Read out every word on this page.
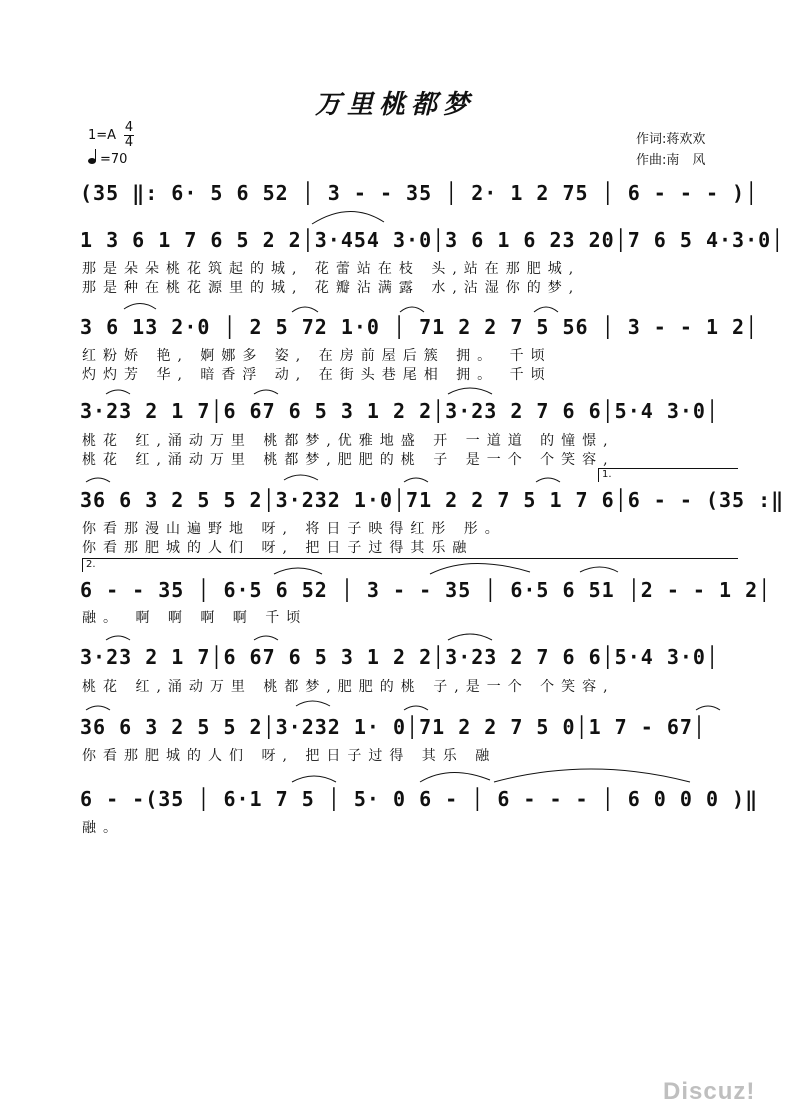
万里桃都梦
$1=A \frac{4}{4}$
=70
作词:蒋欢欢
作曲:南　风
(35 ‖: 6· 5 6 52 │ 3 - - 35 │ 2· 1 2 75 │ 6 - - - )│
1 3 6 1 7 6 5 2 2│3·454 3·0│3 6 1 6 23 20│7 6 5 4·3·0│
那是朵朵桃花筑起的城, 花蕾站在枝 头,站在那肥城,
那是种在桃花源里的城, 花瓣沾满露 水,沾湿你的梦,
3 6 13 2·0 │ 2 5 72 1·0 │ 71 2 2 7 5 56 │ 3 - - 1 2│
红粉娇 艳, 婀娜多 姿, 在房前屋后簇 拥。 千顷
灼灼芳 华, 暗香浮 动, 在街头巷尾相 拥。 千顷
3·23 2 1 7│6 67 6 5 3 1 2 2│3·23 2 7 6 6│5·4 3·0│
桃花 红,涌动万里 桃都梦,优雅地盛 开 一道道 的憧憬,
桃花 红,涌动万里 桃都梦,肥肥的桃 子 是一个 个笑容,
1.
36 6 3 2 5 5 2│3·232 1·0│71 2 2 7 5 1 7 6│6 - - (35 :‖
你看那漫山遍野地 呀, 将日子映得红彤 彤。
你看那肥城的人们 呀, 把日子过得其乐融
2.
6 - - 35 │ 6·5 6 52 │ 3 - - 35 │ 6·5 6 51 │2 - - 1 2│
融。 啊 啊 啊 啊 千顷
3·23 2 1 7│6 67 6 5 3 1 2 2│3·23 2 7 6 6│5·4 3·0│
桃花 红,涌动万里 桃都梦,肥肥的桃 子,是一个 个笑容,
36 6 3 2 5 5 2│3·232 1· 0│71 2 2 7 5 0│1 7 - 67│
你看那肥城的人们 呀, 把日子过得 其乐 融
6 - -(35 │ 6·1 7 5 │ 5· 0 6 - │ 6 - - - │ 6 0 0 0 )‖
融。
Discuz!
